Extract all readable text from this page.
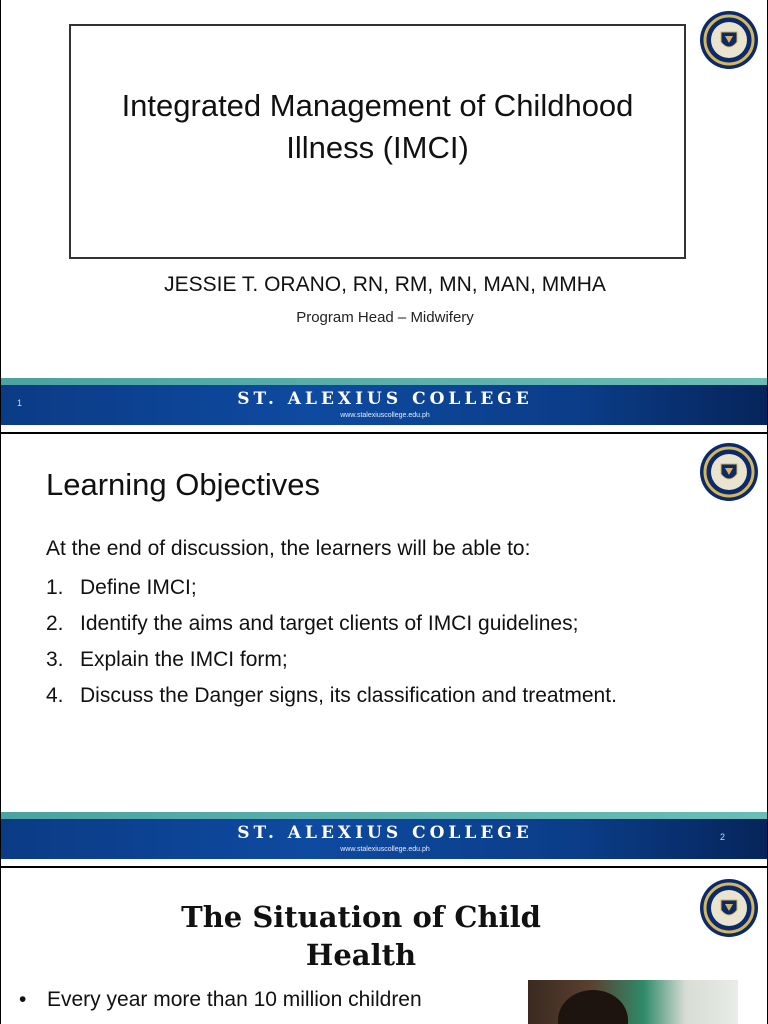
Integrated Management of Childhood Illness (IMCI)
JESSIE T. ORANO, RN, RM, MN, MAN, MMHA
Program Head – Midwifery
1	ST. ALEXIUS COLLEGE
www.stalexiuscollege.edu.ph
Learning Objectives
At the end of discussion, the learners will be able to:
1. Define IMCI;
2. Identify the aims and target clients of IMCI guidelines;
3. Explain the IMCI form;
4. Discuss the Danger signs, its classification and treatment.
ST. ALEXIUS COLLEGE
www.stalexiuscollege.edu.ph
2
The Situation of Child Health
• Every year more than 10 million children
